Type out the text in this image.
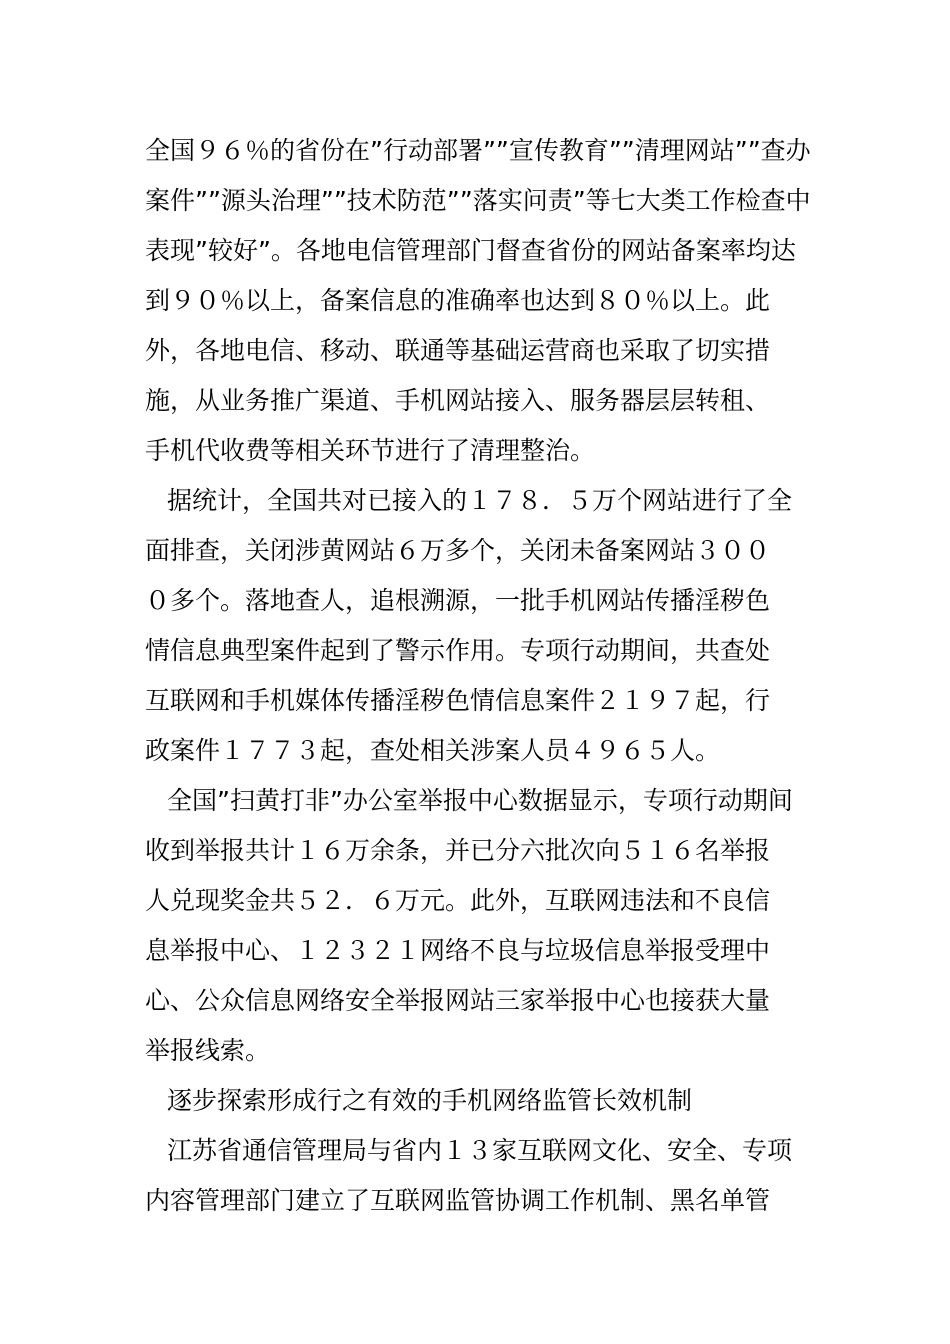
全国９６％的省份在”行动部署””宣传教育””清理网站””查办
案件””源头治理””技术防范””落实问责”等七大类工作检查中
表现”较好”。各地电信管理部门督查省份的网站备案率均达
到９０％以上，备案信息的准确率也达到８０％以上。此
外，各地电信、移动、联通等基础运营商也采取了切实措
施，从业务推广渠道、手机网站接入、服务器层层转租、
手机代收费等相关环节进行了清理整治。
据统计，全国共对已接入的１７８．５万个网站进行了全
面排查，关闭涉黄网站６万多个，关闭未备案网站３００
０多个。落地查人，追根溯源，一批手机网站传播淫秽色
情信息典型案件起到了警示作用。专项行动期间，共查处
互联网和手机媒体传播淫秽色情信息案件２１９７起，行
政案件１７７３起，查处相关涉案人员４９６５人。
全国”扫黄打非”办公室举报中心数据显示，专项行动期间
收到举报共计１６万余条，并已分六批次向５１６名举报
人兑现奖金共５２．６万元。此外，互联网违法和不良信
息举报中心、１２３２１网络不良与垃圾信息举报受理中
心、公众信息网络安全举报网站三家举报中心也接获大量
举报线索。
逐步探索形成行之有效的手机网络监管长效机制
江苏省通信管理局与省内１３家互联网文化、安全、专项
内容管理部门建立了互联网监管协调工作机制、黑名单管
